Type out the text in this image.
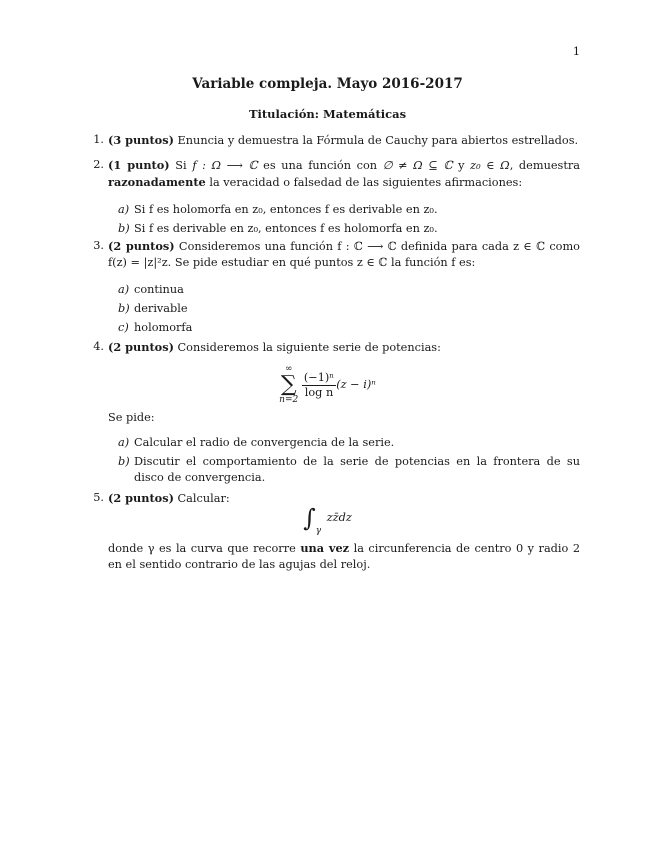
1
Variable compleja. Mayo 2016-2017
Titulación: Matemáticas
1. (3 puntos) Enuncia y demuestra la Fórmula de Cauchy para abiertos estrellados.
2. (1 punto) Si f : Ω ⟶ ℂ es una función con ∅ ≠ Ω ⊆ ℂ y z₀ ∈ Ω, demuestra razonadamente la veracidad o falsedad de las siguientes afirmaciones:
a) Si f es holomorfa en z₀, entonces f es derivable en z₀.
b) Si f es derivable en z₀, entonces f es holomorfa en z₀.
3. (2 puntos) Consideremos una función f : ℂ ⟶ ℂ definida para cada z ∈ ℂ como f(z) = |z|²z. Se pide estudiar en qué puntos z ∈ ℂ la función f es:
a) continua
b) derivable
c) holomorfa
4. (2 puntos) Consideremos la siguiente serie de potencias:
∞
∑
n=2

$\frac{\text{(−1)ⁿ}}{\text{log n}} (z - i)^n$
Se pide:
a) Calcular el radio de convergencia de la serie.
b) Discutir el comportamiento de la serie de potencias en la frontera de su disco de convergencia.
5. (2 puntos) Calcular:
∫γ zz̄dz
donde γ es la curva que recorre una vez la circunferencia de centro 0 y radio 2 en el sentido contrario de las agujas del reloj.
